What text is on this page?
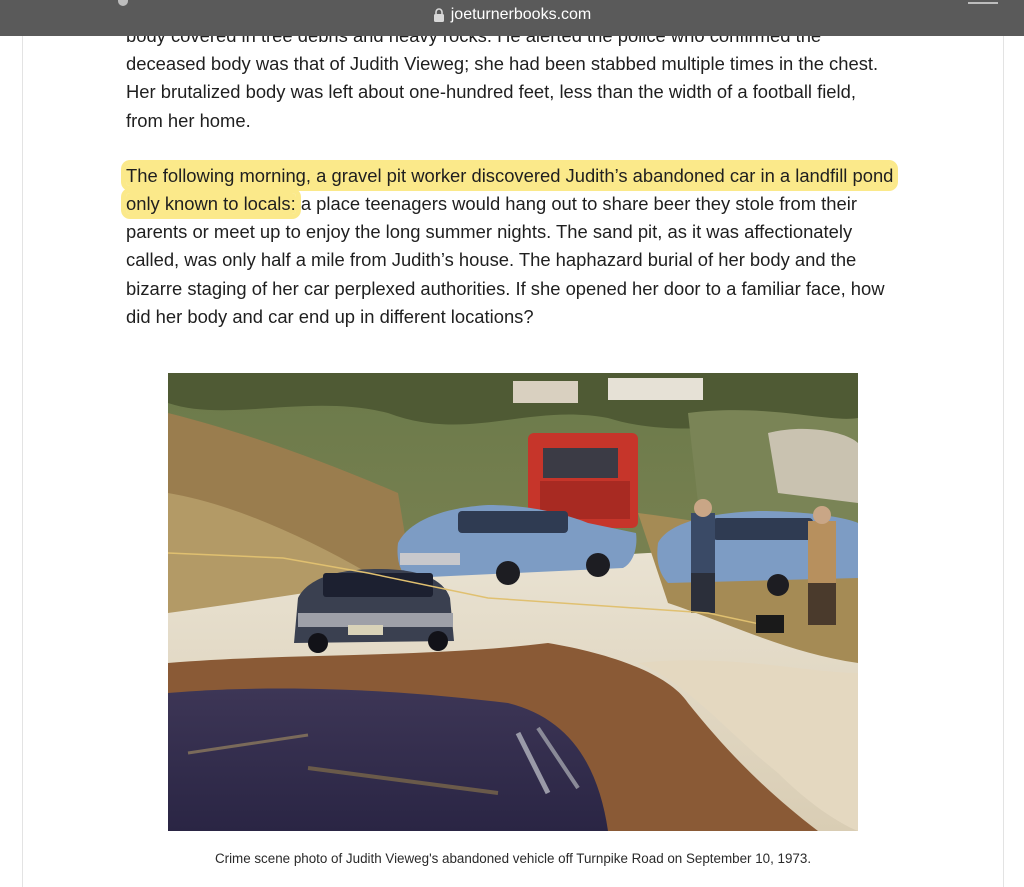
joeturnerbooks.com

deceased body was that of Judith Vieweg; she had been stabbed multiple times in the chest.
Her brutalized body was left about one-hundred feet, less than the width of a football field,
from her home.

The following morning, a gravel pit worker discovered Judith’s abandoned car in a landfill pond only known to locals: a place teenagers would hang out to share beer they stole from their parents or meet up to enjoy the long summer nights. The sand pit, as it was affectionately called, was only half a mile from Judith’s house. The haphazard burial of her body and the bizarre staging of her car perplexed authorities. If she opened her door to a familiar face, how did her body and car end up in different locations?

Crime scene photo of Judith Vieweg's abandoned vehicle off Turnpike Road on September 10, 1973.
